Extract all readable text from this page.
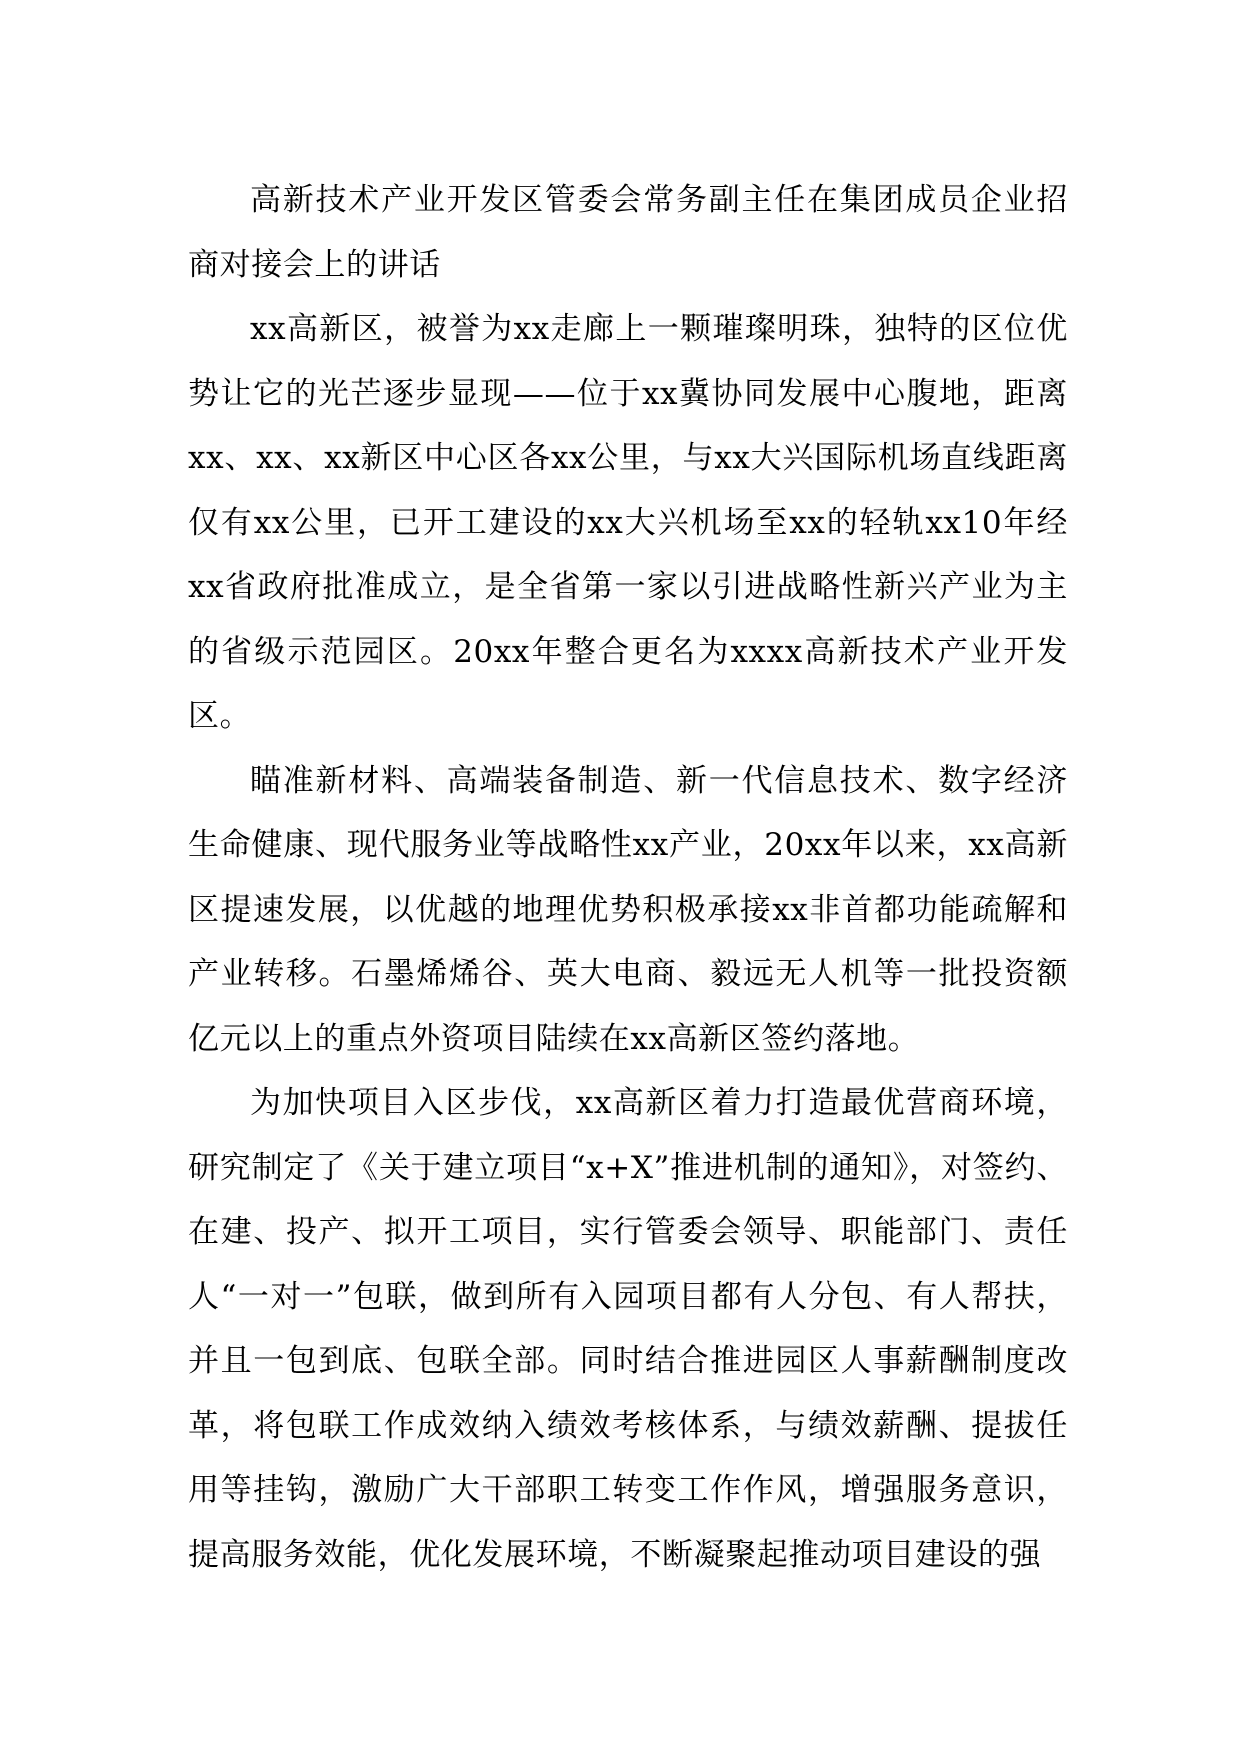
高新技术产业开发区管委会常务副主任在集团成员企业招商对接会上的讲话

xx高新区，被誉为xx走廊上一颗璀璨明珠，独特的区位优势让它的光芒逐步显现——位于xx冀协同发展中心腹地，距离xx、xx、xx新区中心区各xx公里，与xx大兴国际机场直线距离仅有xx公里，已开工建设的xx大兴机场至xx的轻轨xx10年经xx省政府批准成立，是全省第一家以引进战略性新兴产业为主的省级示范园区。20xx年整合更名为xxxx高新技术产业开发区。

瞄准新材料、高端装备制造、新一代信息技术、数字经济生命健康、现代服务业等战略性xx产业，20xx年以来，xx高新区提速发展，以优越的地理优势积极承接xx非首都功能疏解和产业转移。石墨烯烯谷、英大电商、毅远无人机等一批投资额亿元以上的重点外资项目陆续在xx高新区签约落地。

为加快项目入区步伐，xx高新区着力打造最优营商环境，研究制定了《关于建立项目“x+X”推进机制的通知》，对签约、在建、投产、拟开工项目，实行管委会领导、职能部门、责任人“一对一”包联，做到所有入园项目都有人分包、有人帮扶，并且一包到底、包联全部。同时结合推进园区人事薪酬制度改革，将包联工作成效纳入绩效考核体系，与绩效薪酬、提拔任用等挂钩，激励广大干部职工转变工作作风，增强服务意识，提高服务效能，优化发展环境，不断凝聚起推动项目建设的强
